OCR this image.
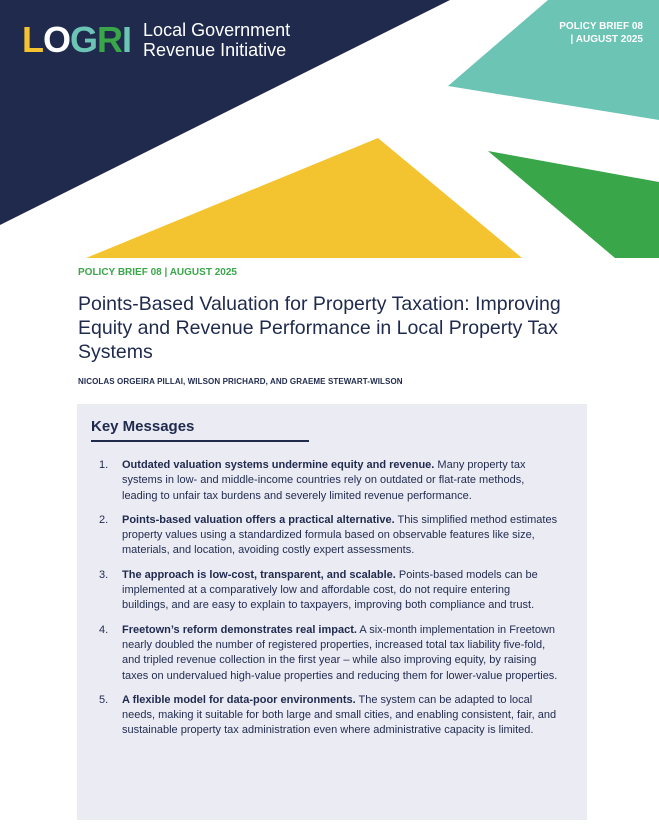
LOGRI Local Government
Revenue Initiative
POLICY BRIEF 08
| AUGUST 2025
POLICY BRIEF 08 | AUGUST 2025
Points-Based Valuation for Property Taxation: Improving Equity and Revenue Performance in Local Property Tax Systems
NICOLAS ORGEIRA PILLAI, WILSON PRICHARD, AND GRAEME STEWART-WILSON
Key Messages
1.	Outdated valuation systems undermine equity and revenue. Many property tax systems in low- and middle-income countries rely on outdated or flat-rate methods, leading to unfair tax burdens and severely limited revenue performance.
2.	Points-based valuation offers a practical alternative. This simplified method estimates property values using a standardized formula based on observable features like size, materials, and location, avoiding costly expert assessments.
3.	The approach is low-cost, transparent, and scalable. Points-based models can be implemented at a comparatively low and affordable cost, do not require entering buildings, and are easy to explain to taxpayers, improving both compliance and trust.
4.	Freetown’s reform demonstrates real impact. A six-month implementation in Freetown nearly doubled the number of registered properties, increased total tax liability five-fold, and tripled revenue collection in the first year – while also improving equity, by raising taxes on undervalued high-value properties and reducing them for lower-value properties.
5.	A flexible model for data-poor environments. The system can be adapted to local needs, making it suitable for both large and small cities, and enabling consistent, fair, and sustainable property tax administration even where administrative capacity is limited.
